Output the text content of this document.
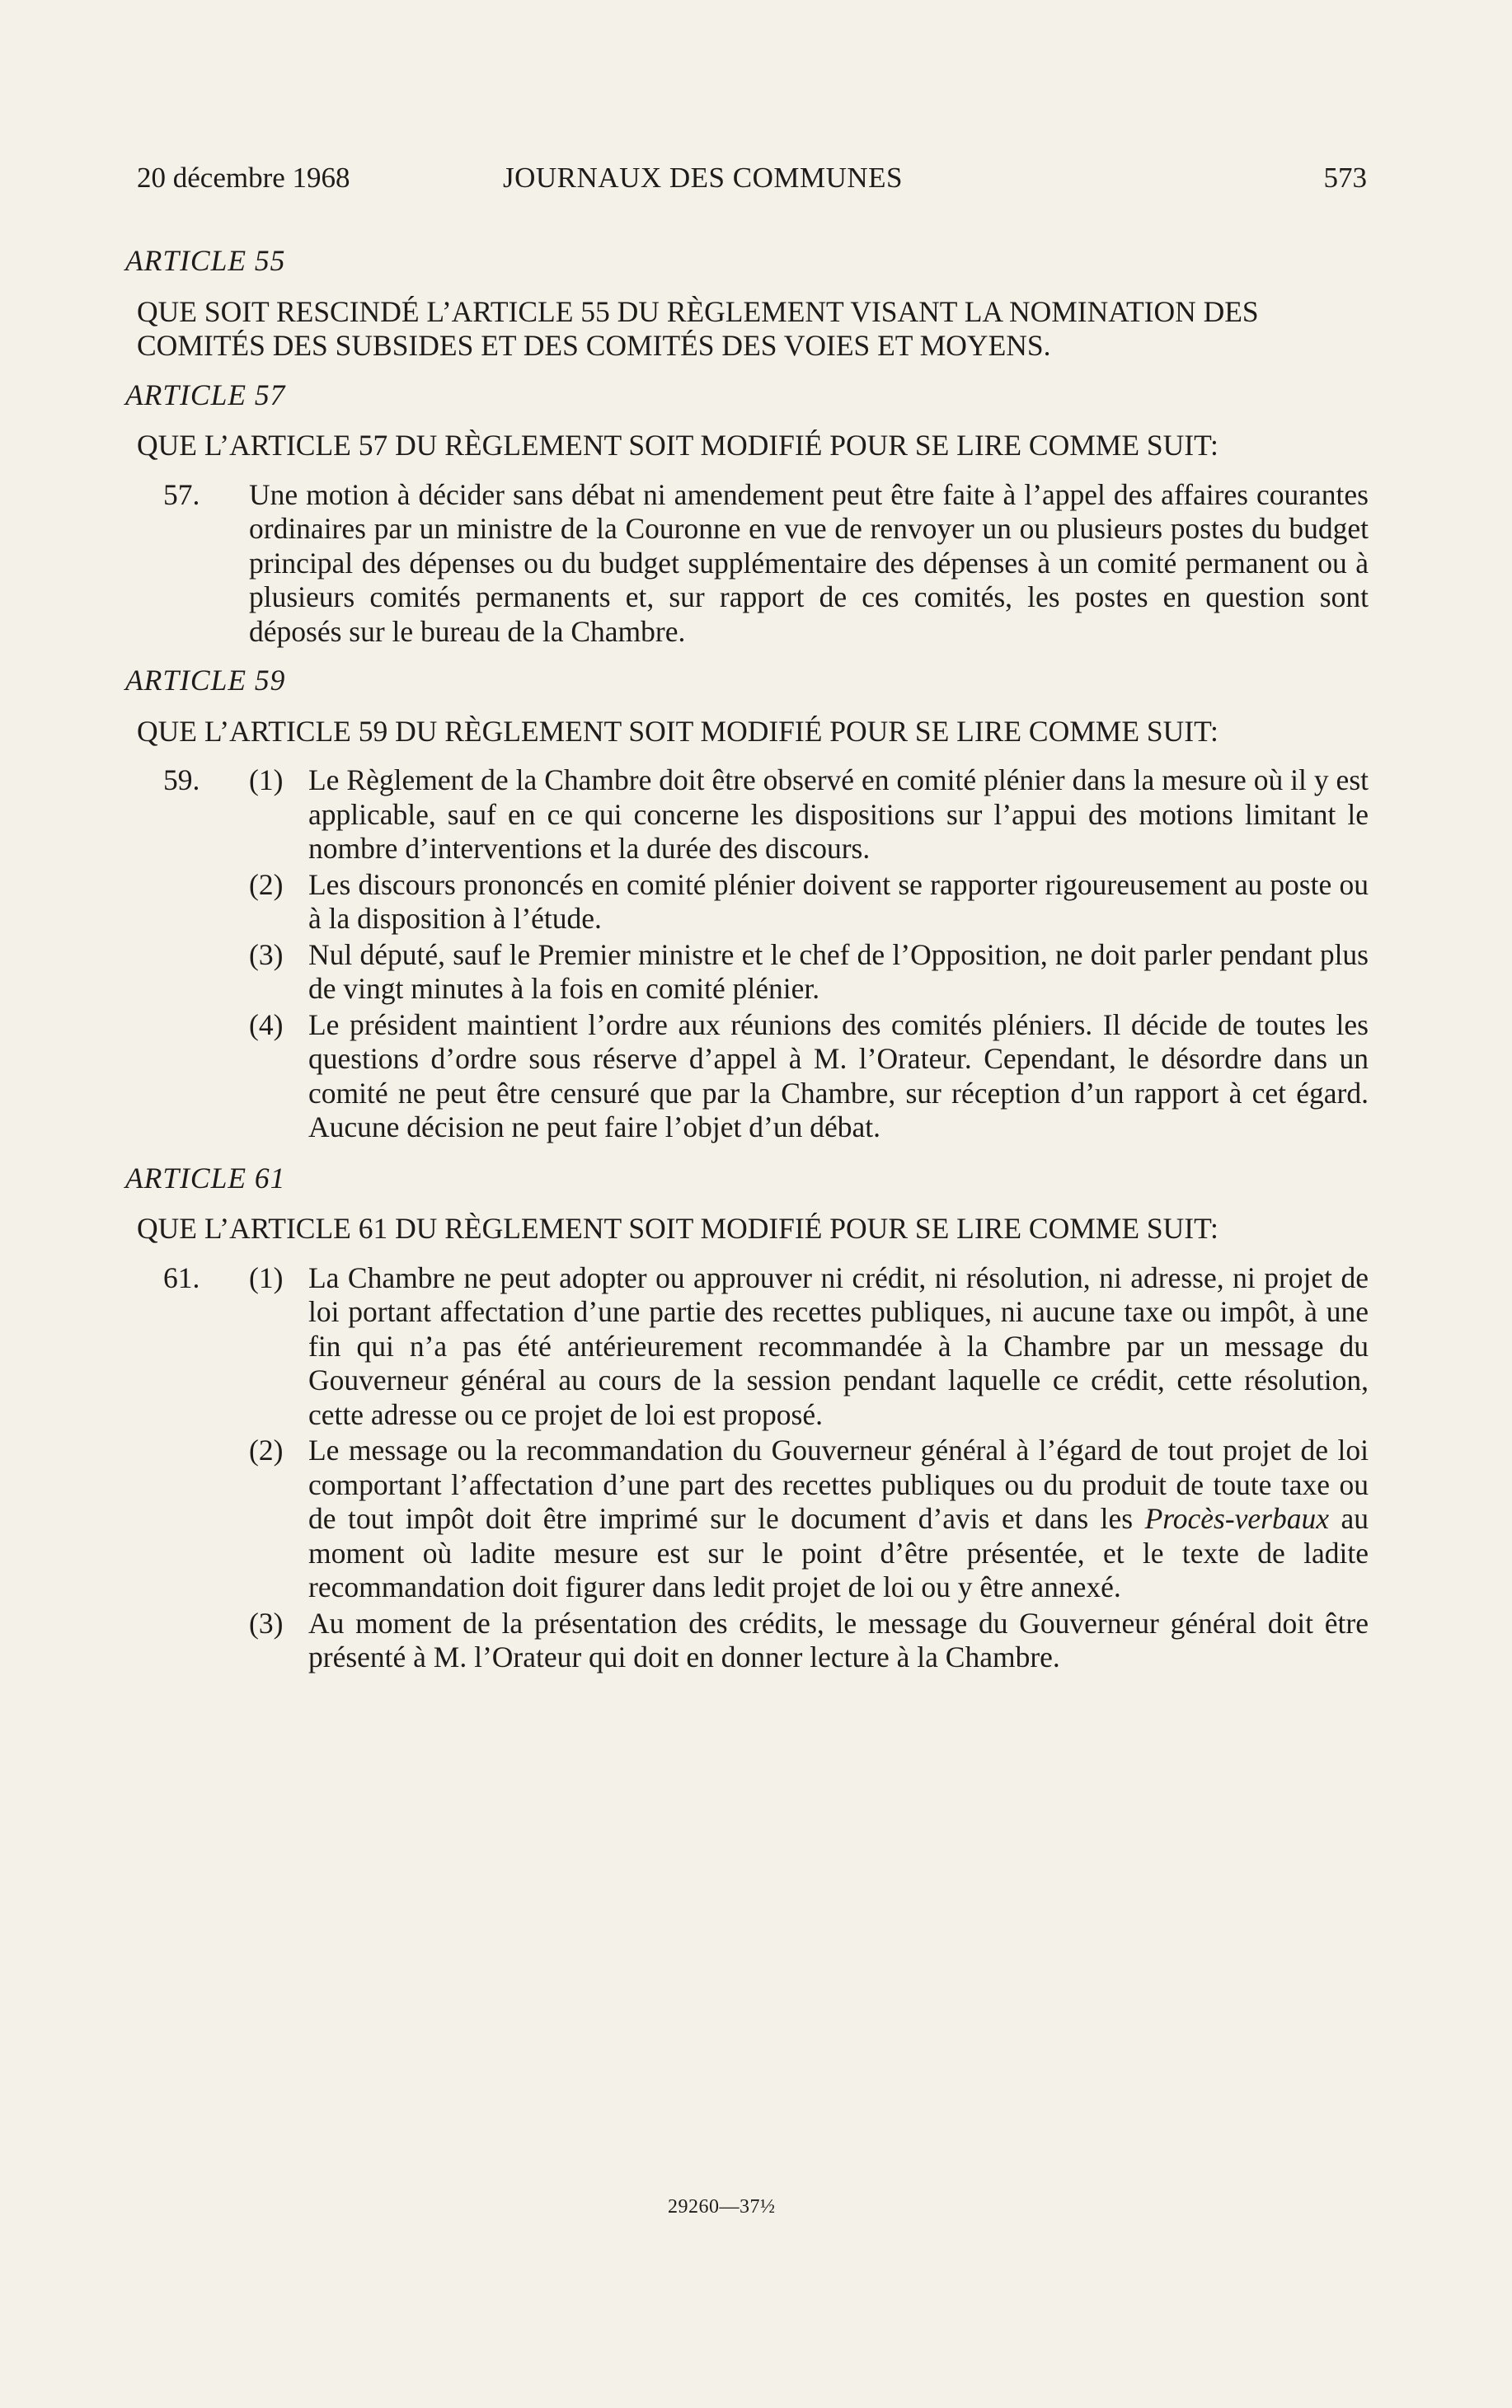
20 décembre 1968	JOURNAUX DES COMMUNES	573

ARTICLE 55

QUE SOIT RESCINDÉ L’ARTICLE 55 DU RÈGLEMENT VISANT LA NOMINATION DES COMITÉS DES SUBSIDES ET DES COMITÉS DES VOIES ET MOYENS.

ARTICLE 57

QUE L’ARTICLE 57 DU RÈGLEMENT SOIT MODIFIÉ POUR SE LIRE COMME SUIT:
57.	Une motion à décider sans débat ni amendement peut être faite à l’appel des affaires courantes ordinaires par un ministre de la Couronne en vue de renvoyer un ou plusieurs postes du budget principal des dépenses ou du budget supplémentaire des dépenses à un comité permanent ou à plusieurs comités permanents et, sur rapport de ces comités, les postes en question sont déposés sur le bureau de la Chambre.

ARTICLE 59

QUE L’ARTICLE 59 DU RÈGLEMENT SOIT MODIFIÉ POUR SE LIRE COMME SUIT:
59.	(1) Le Règlement de la Chambre doit être observé en comité plénier dans la mesure où il y est applicable, sauf en ce qui concerne les dispositions sur l’appui des motions limitant le nombre d’interventions et la durée des discours.
(2) Les discours prononcés en comité plénier doivent se rapporter rigoureusement au poste ou à la disposition à l’étude.
(3) Nul député, sauf le Premier ministre et le chef de l’Opposition, ne doit parler pendant plus de vingt minutes à la fois en comité plénier.
(4) Le président maintient l’ordre aux réunions des comités pléniers. Il décide de toutes les questions d’ordre sous réserve d’appel à M. l’Orateur. Cependant, le désordre dans un comité ne peut être censuré que par la Chambre, sur réception d’un rapport à cet égard. Aucune décision ne peut faire l’objet d’un débat.

ARTICLE 61

QUE L’ARTICLE 61 DU RÈGLEMENT SOIT MODIFIÉ POUR SE LIRE COMME SUIT:
61.	(1) La Chambre ne peut adopter ou approuver ni crédit, ni résolution, ni adresse, ni projet de loi portant affectation d’une partie des recettes publiques, ni aucune taxe ou impôt, à une fin qui n’a pas été antérieurement recommandée à la Chambre par un message du Gouverneur général au cours de la session pendant laquelle ce crédit, cette résolution, cette adresse ou ce projet de loi est proposé.
(2) Le message ou la recommandation du Gouverneur général à l’égard de tout projet de loi comportant l’affectation d’une part des recettes publiques ou du produit de toute taxe ou de tout impôt doit être imprimé sur le document d’avis et dans les Procès-verbaux au moment où ladite mesure est sur le point d’être présentée, et le texte de ladite recommandation doit figurer dans ledit projet de loi ou y être annexé.
(3) Au moment de la présentation des crédits, le message du Gouverneur général doit être présenté à M. l’Orateur qui doit en donner lecture à la Chambre.
29260—37½
